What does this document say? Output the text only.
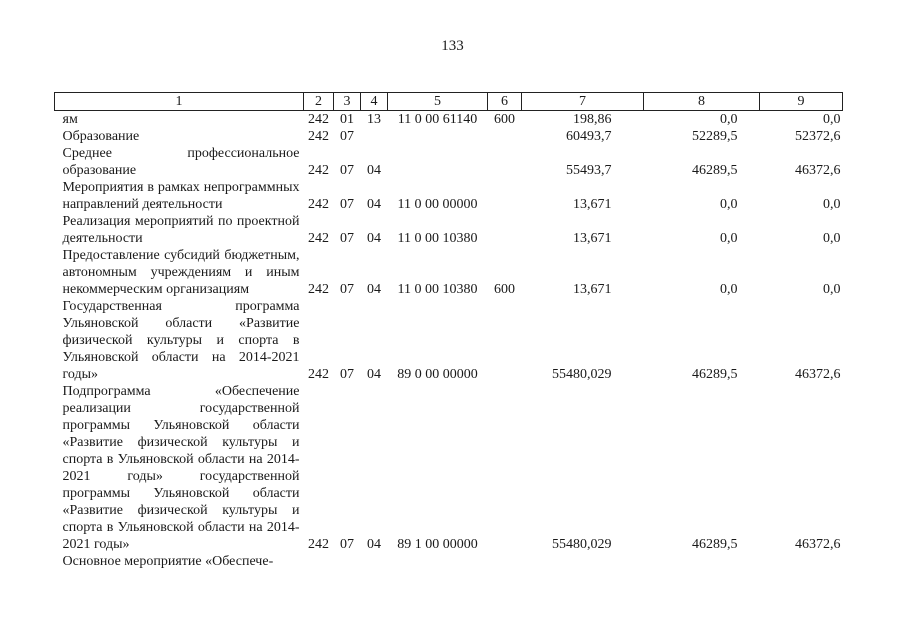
133
1	2	3	4	5	6	7	8	9
ям	242	01	13	11 0 00 61140	600	198,86	0,0	0,0
Образование	242	07				60493,7	52289,5	52372,6
Среднее профессиональное образование	242	07	04			55493,7	46289,5	46372,6
Мероприятия в рамках непрограммных направлений деятельности	242	07	04	11 0 00 00000		13,671	0,0	0,0
Реализация мероприятий по проектной деятельности	242	07	04	11 0 00 10380		13,671	0,0	0,0
Предоставление субсидий бюджетным, автономным учреждениям и иным некоммерческим организациям	242	07	04	11 0 00 10380	600	13,671	0,0	0,0
Государственная программа Ульяновской области «Развитие физической культуры и спорта в Ульяновской области на 2014-2021 годы»	242	07	04	89 0 00 00000		55480,029	46289,5	46372,6
Подпрограмма «Обеспечение реализации государственной программы Ульяновской области «Развитие физической культуры и спорта в Ульяновской области на 2014-2021 годы» государственной программы Ульяновской области «Развитие физической культуры и спорта в Ульяновской области на 2014-2021 годы»	242	07	04	89 1 00 00000		55480,029	46289,5	46372,6
Основное мероприятие «Обеспече-								
